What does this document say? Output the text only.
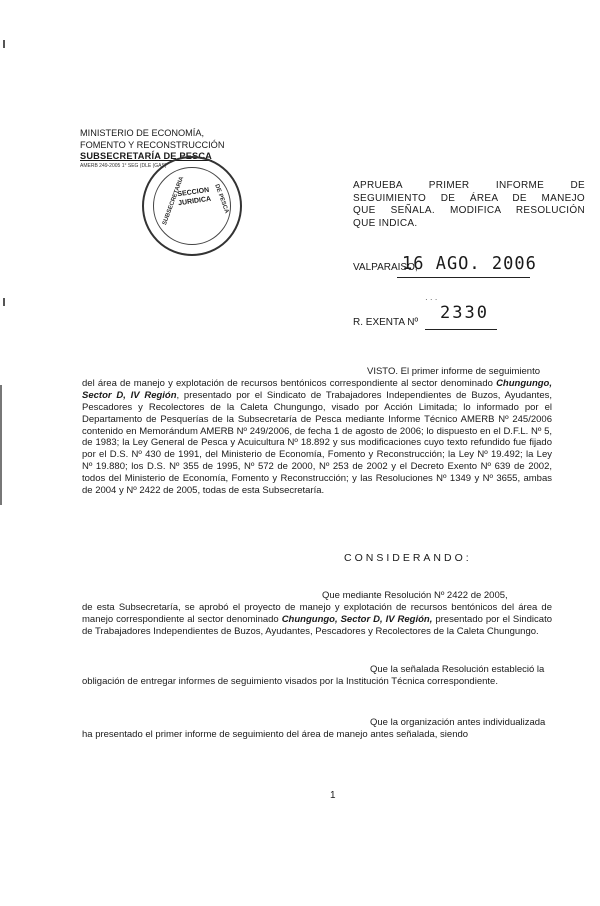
MINISTERIO DE ECONOMÍA,
FOMENTO Y RECONSTRUCCIÓN
SUBSECRETARÍA DE PESCA
AMERB 249-2005 1° SEG (DLE (GAS)
SECCION JURIDICA
SUBSECRETARIA	DE PESCA	APRUEBA PRIMER INFORME DE
SEGUIMIENTO DE ÁREA DE MANEJO
QUE SEÑALA. MODIFICA RESOLUCIÓN
QUE INDICA.
VALPARAISO,
16 AGO. 2006
· · ·
R. EXENTA Nº 2330
VISTO. El primer informe de seguimiento
del área de manejo y explotación de recursos bentónicos correspondiente al sector denominado Chungungo, Sector D, IV Región, presentado por el Sindicato de Trabajadores Independientes de Buzos, Ayudantes, Pescadores y Recolectores de la Caleta Chungungo, visado por Acción Limitada; lo informado por el Departamento de Pesquerías de la Subsecretaría de Pesca mediante Informe Técnico AMERB Nº 245/2006 contenido en Memorándum AMERB Nº 249/2006, de fecha 1 de agosto de 2006; lo dispuesto en el D.F.L. Nº 5, de 1983; la Ley General de Pesca y Acuicultura Nº 18.892 y sus modificaciones cuyo texto refundido fue fijado por el D.S. Nº 430 de 1991, del Ministerio de Economía, Fomento y Reconstrucción; la Ley Nº 19.492; la Ley Nº 19.880; los D.S. Nº 355 de 1995, Nº 572 de 2000, Nº 253 de 2002 y el Decreto Exento Nº 639 de 2002, todos del Ministerio de Economía, Fomento y Reconstrucción; y las Resoluciones Nº 1349 y Nº 3655, ambas de 2004 y Nº 2422 de 2005, todas de esta Subsecretaría.
CONSIDERANDO:
Que mediante Resolución Nº 2422 de 2005,
de esta Subsecretaría, se aprobó el proyecto de manejo y explotación de recursos bentónicos del área de manejo correspondiente al sector denominado Chungungo, Sector D, IV Región, presentado por el Sindicato de Trabajadores Independientes de Buzos, Ayudantes, Pescadores y Recolectores de la Caleta Chungungo.
Que la señalada Resolución estableció la
obligación de entregar informes de seguimiento visados por la Institución Técnica correspondiente.
Que la organización antes individualizada
ha presentado el primer informe de seguimiento del área de manejo antes señalada, siendo
1
